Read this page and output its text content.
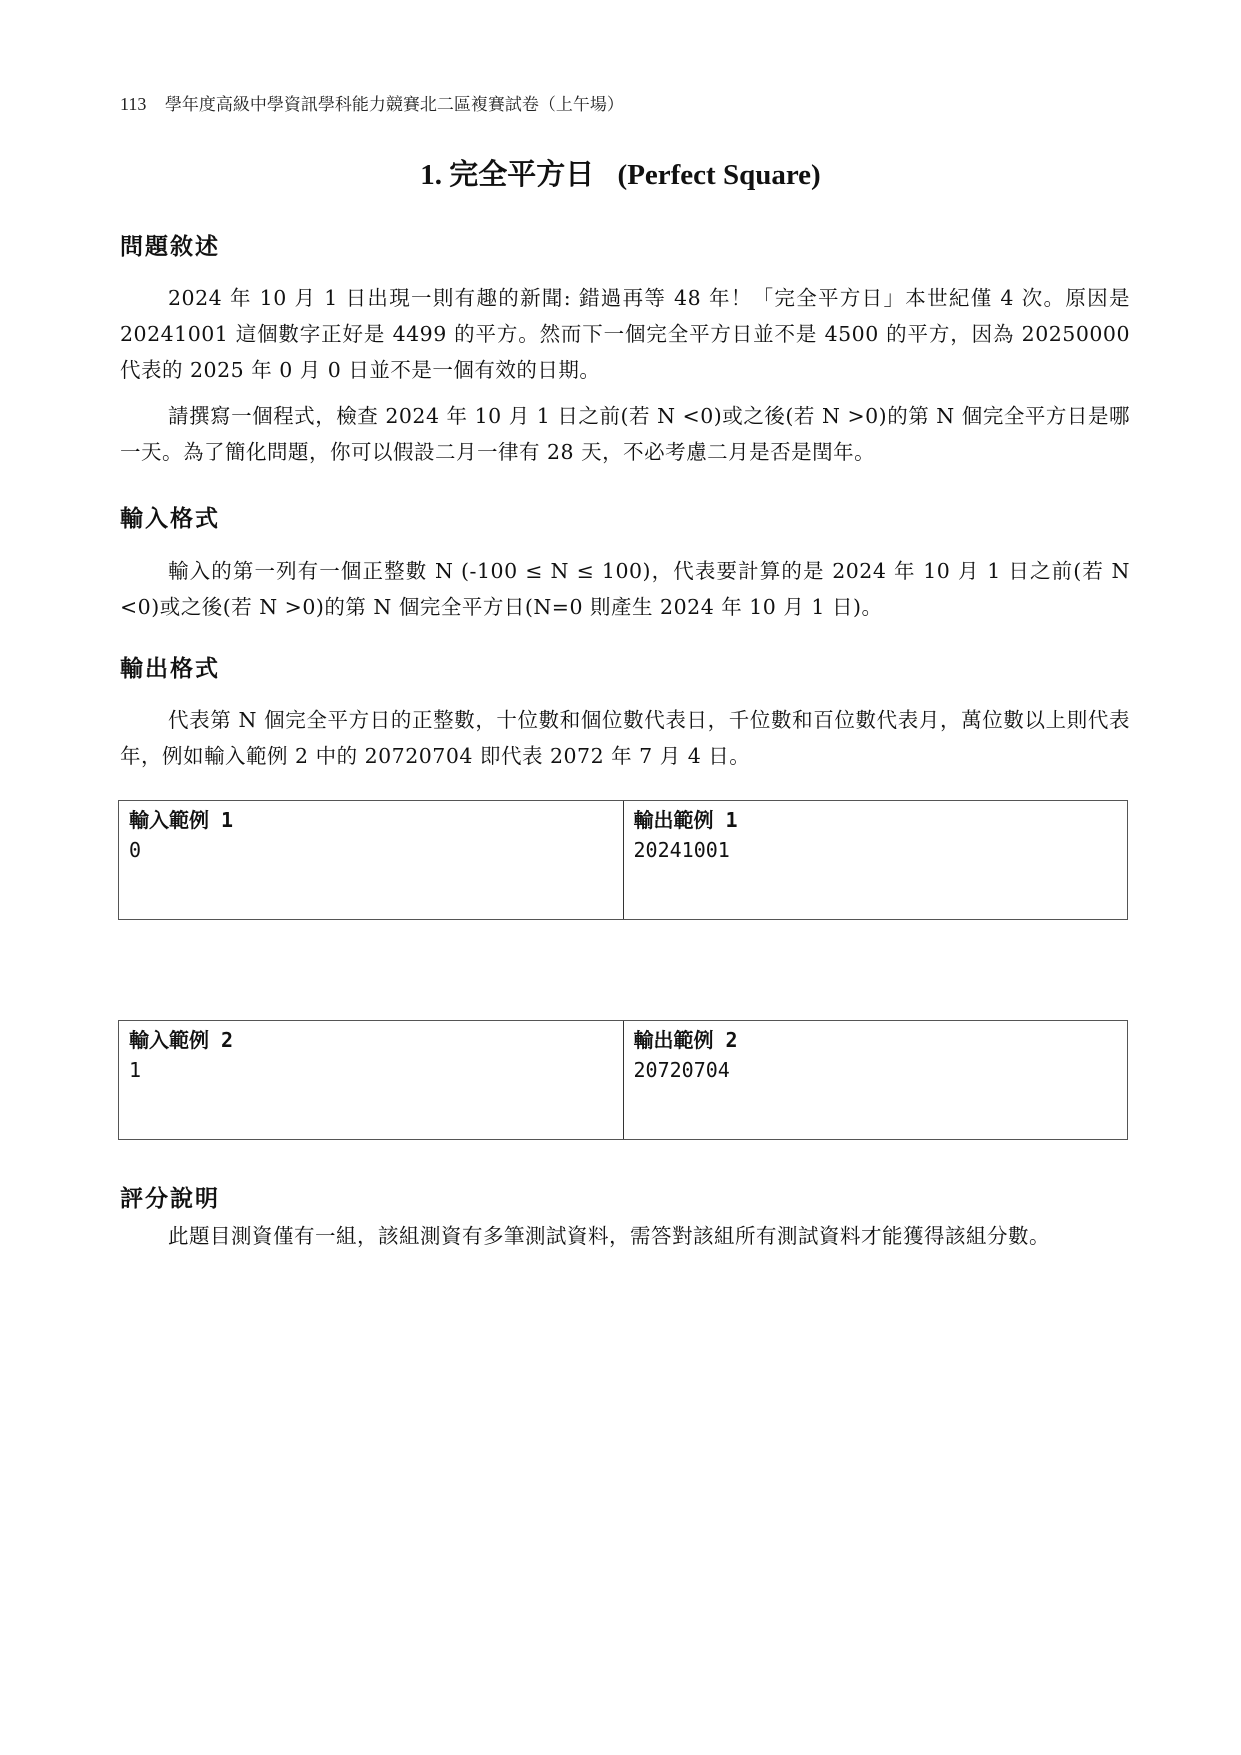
113 學年度高級中學資訊學科能力競賽北二區複賽試卷（上午場）
1. 完全平方日 (Perfect Square)
問題敘述

2024 年 10 月 1 日出現一則有趣的新聞: 錯過再等 48 年！「完全平方日」本世紀僅 4 次。原因是 20241001 這個數字正好是 4499 的平方。然而下一個完全平方日並不是 4500 的平方，因為 20250000 代表的 2025 年 0 月 0 日並不是一個有效的日期。

請撰寫一個程式，檢查 2024 年 10 月 1 日之前(若 N <0)或之後(若 N >0)的第 N 個完全平方日是哪一天。為了簡化問題，你可以假設二月一律有 28 天，不必考慮二月是否是閏年。

輸入格式

輸入的第一列有一個正整數 N (-100 ≤ N ≤ 100)，代表要計算的是 2024 年 10 月 1 日之前(若 N <0)或之後(若 N >0)的第 N 個完全平方日(N=0 則產生 2024 年 10 月 1 日)。

輸出格式

代表第 N 個完全平方日的正整數，十位數和個位數代表日，千位數和百位數代表月，萬位數以上則代表年，例如輸入範例 2 中的 20720704 即代表 2072 年 7 月 4 日。

輸入範例 1
0
輸出範例 1
20241001
輸入範例 2
1
輸出範例 2
20720704
評分說明

此題目測資僅有一組，該組測資有多筆測試資料，需答對該組所有測試資料才能獲得該組分數。
